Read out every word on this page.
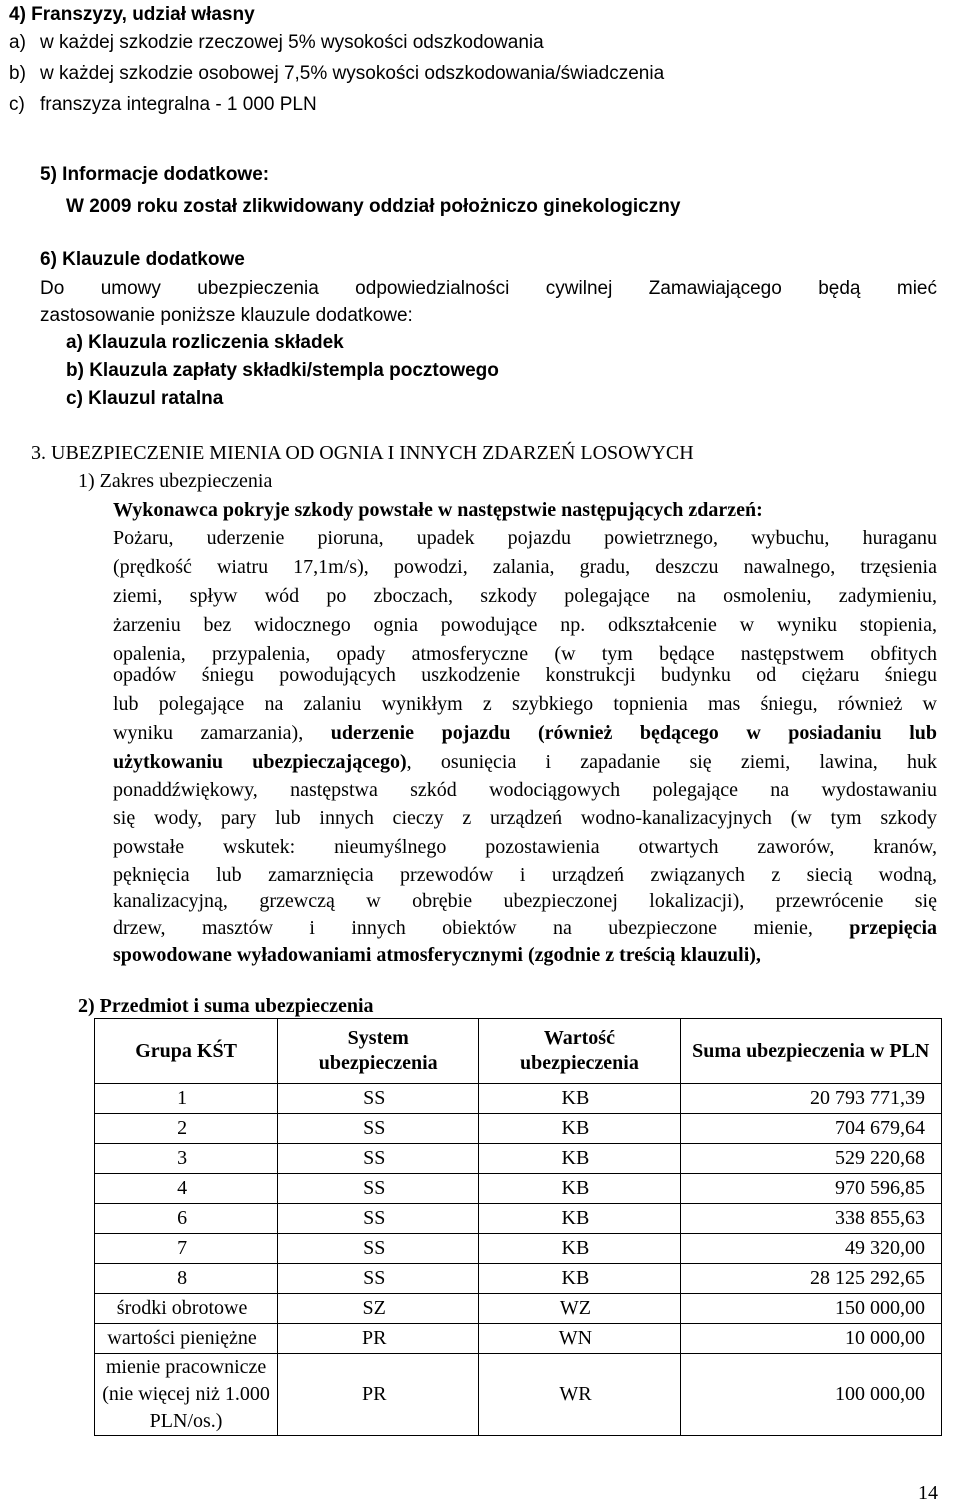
4) Franszyzy, udział własny
a) w każdej szkodzie rzeczowej 5% wysokości odszkodowania
b) w każdej szkodzie osobowej 7,5% wysokości odszkodowania/świadczenia
c) franszyza integralna - 1 000 PLN
5) Informacje dodatkowe:
W 2009 roku został zlikwidowany oddział położniczo ginekologiczny
6) Klauzule dodatkowe
Do umowy ubezpieczenia odpowiedzialności cywilnej Zamawiającego będą mieć
zastosowanie poniższe klauzule dodatkowe:
a) Klauzula rozliczenia składek
b) Klauzula zapłaty składki/stempla pocztowego
c) Klauzul ratalna
3. UBEZPIECZENIE MIENIA OD OGNIA I INNYCH ZDARZEŃ LOSOWYCH
1) Zakres ubezpieczenia
Wykonawca pokryje szkody powstałe w następstwie następujących zdarzeń:
Pożaru, uderzenie pioruna, upadek pojazdu powietrznego, wybuchu, huraganu
(prędkość wiatru 17,1m/s), powodzi, zalania, gradu, deszczu nawalnego, trzęsienia
ziemi, spływ wód po zboczach, szkody polegające na osmoleniu, zadymieniu,
żarzeniu bez widocznego ognia powodujące np. odkształcenie w wyniku stopienia,
opalenia, przypalenia, opady atmosferyczne (w tym będące następstwem obfitych
opadów śniegu powodujących uszkodzenie konstrukcji budynku od ciężaru śniegu
lub polegające na zalaniu wynikłym z szybkiego topnienia mas śniegu, również w
wyniku zamarzania), uderzenie pojazdu (również będącego w posiadaniu lub
użytkowaniu ubezpieczającego), osunięcia i zapadanie się ziemi, lawina, huk
ponaddźwiękowy, następstwa szkód wodociągowych polegające na wydostawaniu
się wody, pary lub innych cieczy z urządzeń wodno-kanalizacyjnych (w tym szkody
powstałe wskutek: nieumyślnego pozostawienia otwartych zaworów, kranów,
pęknięcia lub zamarznięcia przewodów i urządzeń związanych z siecią wodną,
kanalizacyjną, grzewczą w obrębie ubezpieczonej lokalizacji), przewrócenie się
drzew, masztów i innych obiektów na ubezpieczone mienie, przepięcia
spowodowane wyładowaniami atmosferycznymi (zgodnie z treścią klauzuli),
2) Przedmiot i suma ubezpieczenia
Grupa KŚT	System ubezpieczenia	Wartość ubezpieczenia	Suma ubezpieczenia w PLN
1	SS	KB	20 793 771,39
2	SS	KB	704 679,64
3	SS	KB	529 220,68
4	SS	KB	970 596,85
6	SS	KB	338 855,63
7	SS	KB	49 320,00
8	SS	KB	28 125 292,65
środki obrotowe	SZ	WZ	150 000,00
wartości pieniężne	PR	WN	10 000,00
mienie pracownicze (nie więcej niż 1.000 PLN/os.)	PR	WR	100 000,00
14
